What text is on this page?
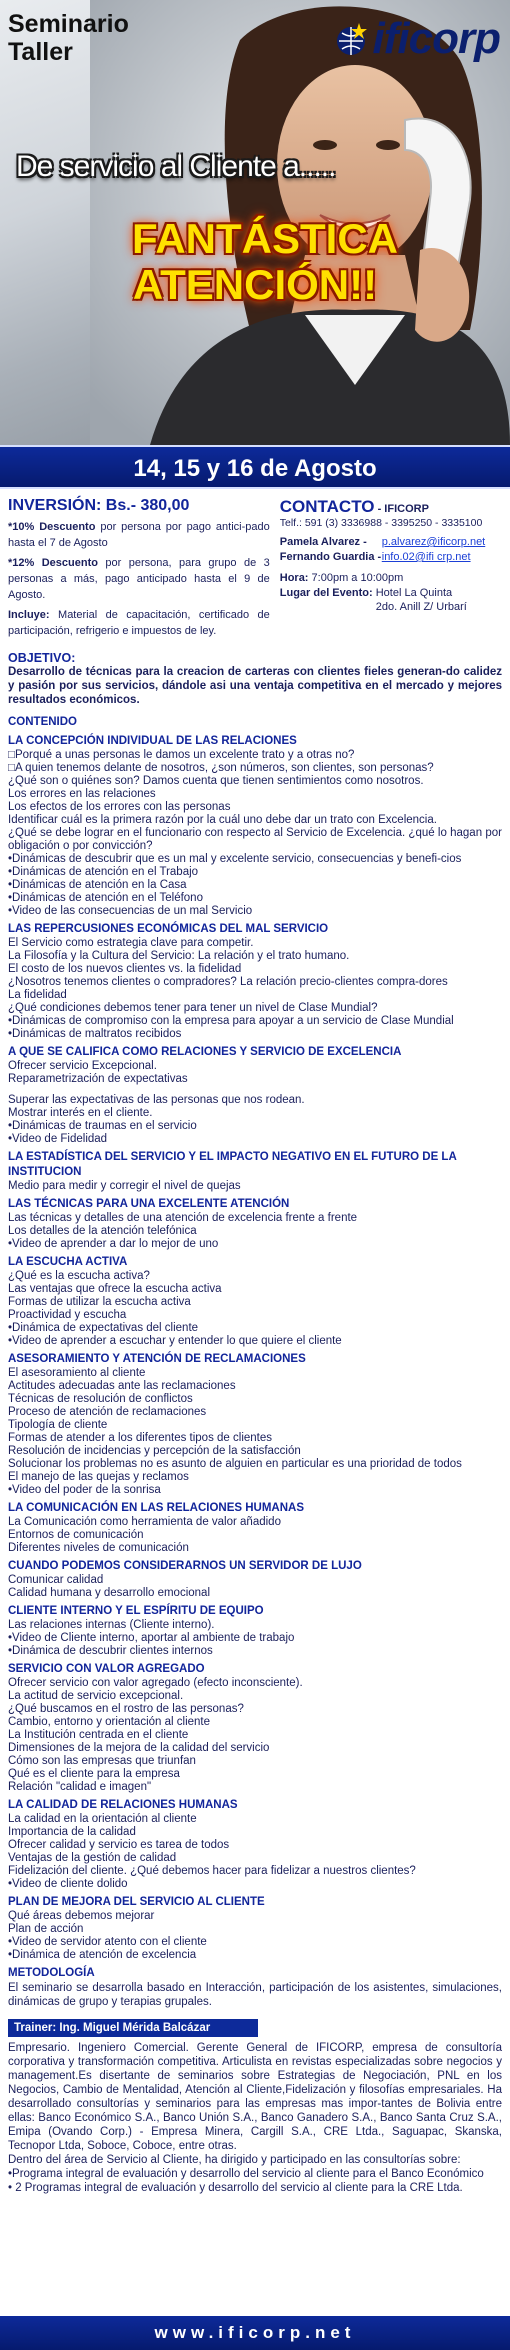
Seminario
Taller	ificorp
De servicio al Cliente a.....
FANTÁSTICA
ATENCIÓN!!
14, 15 y 16 de Agosto
INVERSIÓN: Bs.- 380,00
*10% Descuento por persona por pago antici-pado hasta el 7 de Agosto
*12% Descuento por persona, para grupo de 3 personas a más, pago anticipado hasta el 9 de Agosto.
Incluye: Material de capacitación, certificado de participación, refrigerio e impuestos de ley.
CONTACTO - IFICORP
Telf.: 591 (3) 3336988 - 3395250 - 3335100
Pamela Alvarez -	p.alvarez@ificorp.net
Fernando Guardia - info.02@ifi crp.net
Hora: 7:00pm a 10:00pm
Lugar del Evento: Hotel La Quinta
2do. Anill Z/ Urbarí
OBJETIVO:
Desarrollo de técnicas para la creacion de carteras con clientes fieles generan-do calidez y pasión por sus servicios, dándole asi una ventaja competitiva en el mercado y mejores resultados económicos.
CONTENIDO
LA CONCEPCIÓN INDIVIDUAL DE LAS RELACIONES
□Porqué a unas personas le damos un excelente trato y a otras no?
□A quien tenemos delante de nosotros, ¿son números, son clientes, son personas?
¿Qué son o quiénes son? Damos cuenta que tienen sentimientos como nosotros.
Los errores en las relaciones
Los efectos de los errores con las personas
Identificar cuál es la primera razón por la cuál uno debe dar un trato con Excelencia.
¿Qué se debe lograr en el funcionario con respecto al Servicio de Excelencia. ¿qué lo hagan por obligación o por convicción?
•Dinámicas de descubrir que es un mal y excelente servicio, consecuencias y benefi-cios
•Dinámicas de atención en el Trabajo
•Dinámicas de atención en la Casa
•Dinámicas de atención en el Teléfono
•Video de las consecuencias de un mal Servicio
LAS REPERCUSIONES ECONÓMICAS DEL MAL SERVICIO
El Servicio como estrategia clave para competir.
La Filosofía y la Cultura del Servicio: La relación y el trato humano.
El costo de los nuevos clientes vs. la fidelidad
¿Nosotros tenemos clientes o compradores? La relación precio-clientes compra-dores
La fidelidad
¿Qué condiciones debemos tener para tener un nivel de Clase Mundial?
•Dinámicas de compromiso con la empresa para apoyar a un servicio de Clase Mundial
•Dinámicas de maltratos recibidos
A QUE SE CALIFICA COMO RELACIONES Y SERVICIO DE EXCELENCIA
Ofrecer servicio Excepcional.
Reparametrización de expectativas
Superar las expectativas de las personas que nos rodean.
Mostrar interés en el cliente.
•Dinámicas de traumas en el servicio
•Video de Fidelidad
LA ESTADÍSTICA DEL SERVICIO Y EL IMPACTO NEGATIVO EN EL FUTURO DE LA INSTITUCION
Medio para medir y corregir el nivel de quejas
LAS TÉCNICAS PARA UNA EXCELENTE ATENCIÓN
Las técnicas y detalles de una atención de excelencia frente a frente
Los detalles de la atención telefónica
•Video de aprender a dar lo mejor de uno
LA ESCUCHA ACTIVA
¿Qué es la escucha activa?
Las ventajas que ofrece la escucha activa
Formas de utilizar la escucha activa
Proactividad y escucha
•Dinámica de expectativas del cliente
•Video de aprender a escuchar y entender lo que quiere el cliente
ASESORAMIENTO Y ATENCIÓN DE RECLAMACIONES
El asesoramiento al cliente
Actitudes adecuadas ante las reclamaciones
Técnicas de resolución de conflictos
Proceso de atención de reclamaciones
Tipología de cliente
Formas de atender a los diferentes tipos de clientes
Resolución de incidencias y percepción de la satisfacción
Solucionar los problemas no es asunto de alguien en particular es una prioridad de todos
El manejo de las quejas y reclamos
•Video del poder de la sonrisa
LA COMUNICACIÓN EN LAS RELACIONES HUMANAS
La Comunicación como herramienta de valor añadido
Entornos de comunicación
Diferentes niveles de comunicación
CUANDO PODEMOS CONSIDERARNOS UN SERVIDOR DE LUJO
Comunicar calidad
Calidad humana y desarrollo emocional
CLIENTE INTERNO Y EL ESPÍRITU DE EQUIPO
Las relaciones internas (Cliente interno).
•Video de Cliente interno, aportar al ambiente de trabajo
•Dinámica de descubrir clientes internos
SERVICIO CON VALOR AGREGADO
Ofrecer servicio con valor agregado (efecto inconsciente).
La actitud de servicio excepcional.
¿Qué buscamos en el rostro de las personas?
Cambio, entorno y orientación al cliente
La Institución centrada en el cliente
Dimensiones de la mejora de la calidad del servicio
Cómo son las empresas que triunfan
Qué es el cliente para la empresa
Relación "calidad e imagen"
LA CALIDAD DE RELACIONES HUMANAS
La calidad en la orientación al cliente
Importancia de la calidad
Ofrecer calidad y servicio es tarea de todos
Ventajas de la gestión de calidad
Fidelización del cliente. ¿Qué debemos hacer para fidelizar a nuestros clientes?
•Video de cliente dolido
PLAN DE MEJORA DEL SERVICIO AL CLIENTE
Qué áreas debemos mejorar
Plan de acción
•Video de servidor atento con el cliente
•Dinámica de atención de excelencia
METODOLOGÍA
El seminario se desarrolla basado en Interacción, participación de los asistentes, simulaciones, dinámicas de grupo y terapias grupales.
Trainer: Ing. Miguel Mérida Balcázar
Empresario. Ingeniero Comercial. Gerente General de IFICORP, empresa de consultoría corporativa y transformación competitiva. Articulista en revistas especializadas sobre negocios y management.Es disertante de seminarios sobre Estrategias de Negociación, PNL en los Negocios, Cambio de Mentalidad, Atención al Cliente,Fidelización y filosofías empresariales. Ha desarrollado consultorías y seminarios para las empresas mas impor-tantes de Bolivia entre ellas: Banco Económico S.A., Banco Unión S.A., Banco Ganadero S.A., Banco Santa Cruz S.A., Emipa (Ovando Corp.) - Empresa Minera, Cargill S.A., CRE Ltda., Saguapac, Skanska, Tecnopor Ltda, Soboce, Coboce, entre otras.
Dentro del área de Servicio al Cliente, ha dirigido y participado en las consultorías sobre:
•Programa integral de evaluación y desarrollo del servicio al cliente para el Banco Económico
• 2 Programas integral de evaluación y desarrollo del servicio al cliente para la CRE Ltda.
www.ificorp.net
